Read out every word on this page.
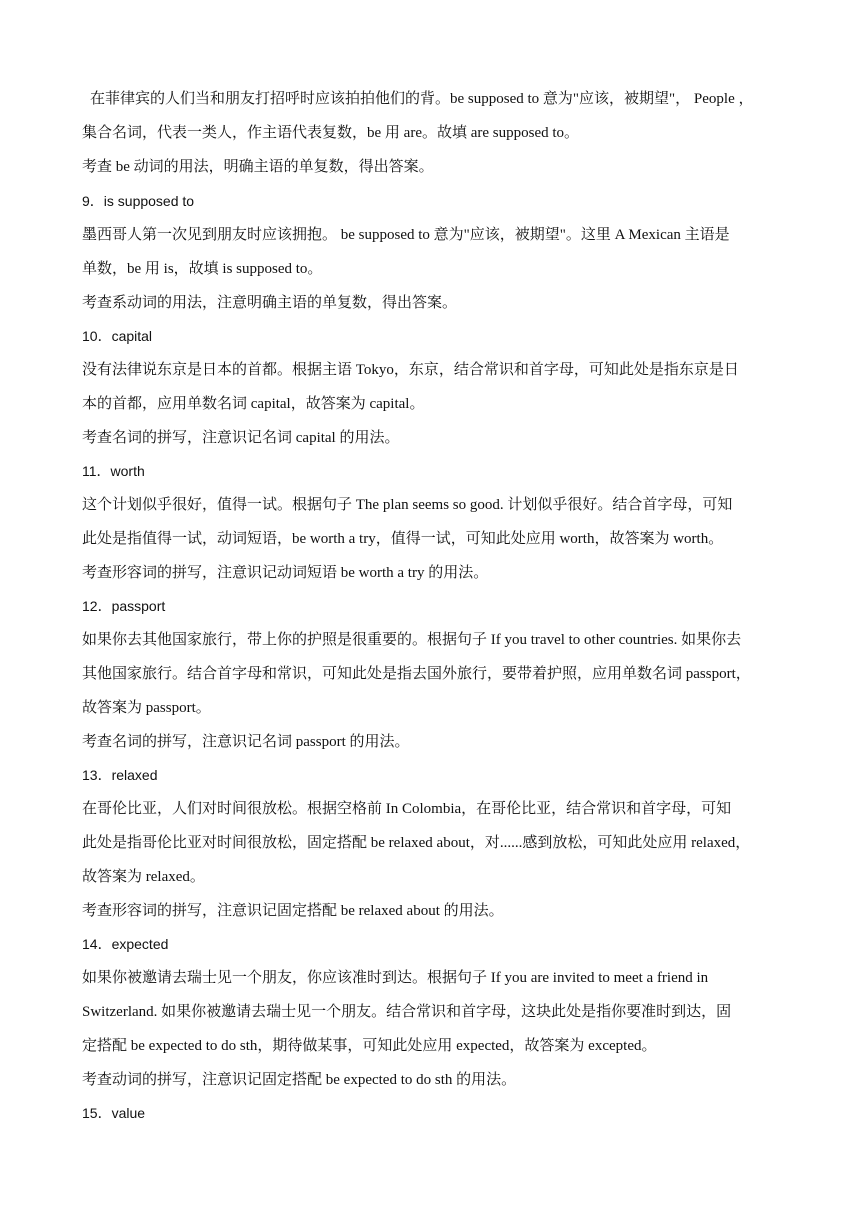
在菲律宾的人们当和朋友打招呼时应该拍拍他们的背。be supposed to 意为"应该，被期望"， People ，
集合名词，代表一类人，作主语代表复数，be 用 are。故填 are supposed to。
考查 be 动词的用法，明确主语的单复数，得出答案。
9．is supposed to
墨西哥人第一次见到朋友时应该拥抱。 be supposed to 意为"应该，被期望"。这里 A Mexican 主语是
单数，be 用 is，故填 is supposed to。
考查系动词的用法，注意明确主语的单复数，得出答案。
10．capital
没有法律说东京是日本的首都。根据主语 Tokyo，东京，结合常识和首字母，可知此处是指东京是日
本的首都，应用单数名词 capital，故答案为 capital。
考查名词的拼写，注意识记名词 capital 的用法。
11．worth
这个计划似乎很好，值得一试。根据句子 The plan seems so good. 计划似乎很好。结合首字母，可知
此处是指值得一试，动词短语，be worth a try，值得一试，可知此处应用 worth，故答案为 worth。
考查形容词的拼写，注意识记动词短语 be worth a try 的用法。
12．passport
如果你去其他国家旅行，带上你的护照是很重要的。根据句子 If you travel to other countries. 如果你去
其他国家旅行。结合首字母和常识，可知此处是指去国外旅行，要带着护照，应用单数名词 passport，
故答案为 passport。
考查名词的拼写，注意识记名词 passport 的用法。
13．relaxed
在哥伦比亚，人们对时间很放松。根据空格前 In Colombia，在哥伦比亚，结合常识和首字母，可知
此处是指哥伦比亚对时间很放松，固定搭配 be relaxed about，对......感到放松，可知此处应用 relaxed，
故答案为 relaxed。
考查形容词的拼写，注意识记固定搭配 be relaxed about 的用法。
14．expected
如果你被邀请去瑞士见一个朋友，你应该准时到达。根据句子 If you are invited to meet a friend in
Switzerland. 如果你被邀请去瑞士见一个朋友。结合常识和首字母，这块此处是指你要准时到达，固
定搭配 be expected to do sth，期待做某事，可知此处应用 expected，故答案为 excepted。
考查动词的拼写，注意识记固定搭配 be expected to do sth 的用法。
15．value
